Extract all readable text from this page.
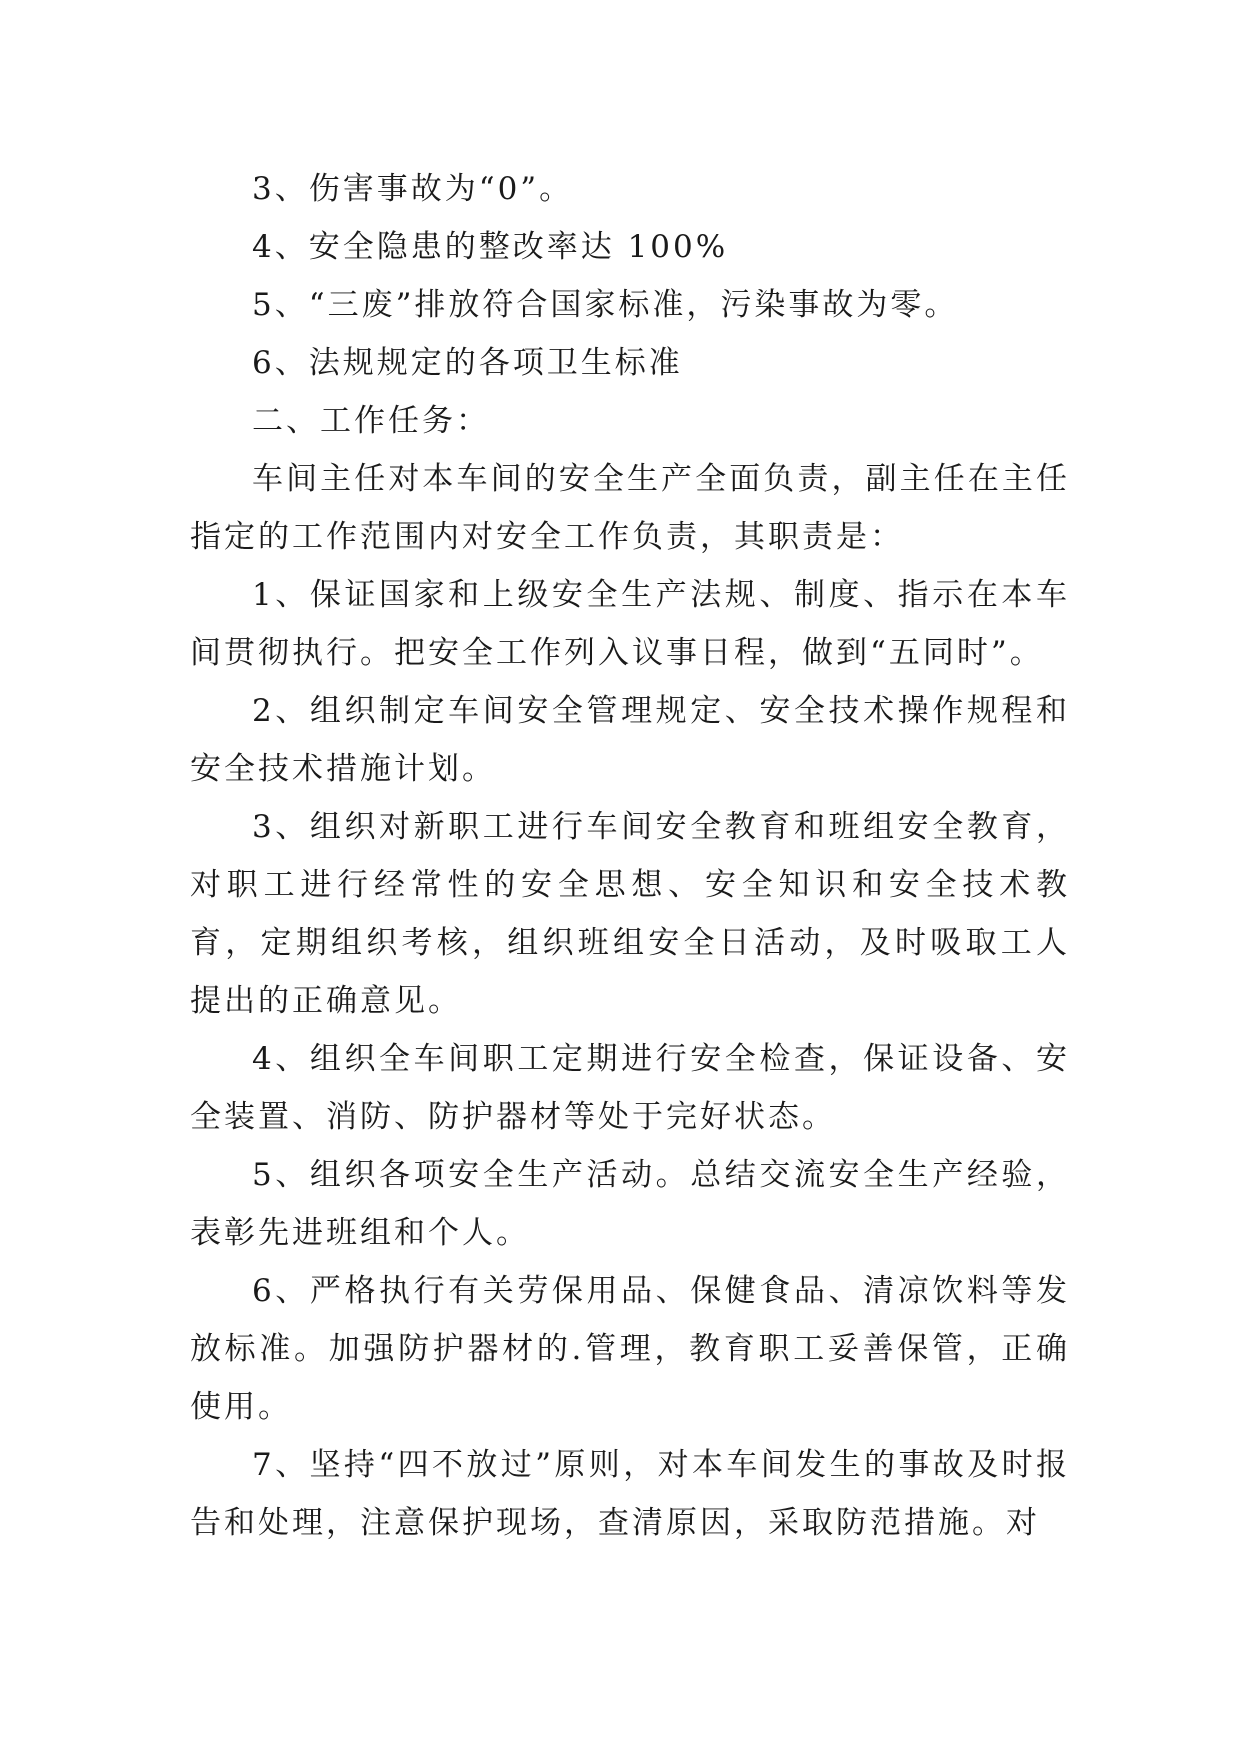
3、伤害事故为“0”。

4、安全隐患的整改率达 100%

5、“三废”排放符合国家标准，污染事故为零。

6、法规规定的各项卫生标准

二、工作任务：

车间主任对本车间的安全生产全面负责，副主任在主任指定的工作范围内对安全工作负责，其职责是：

1、保证国家和上级安全生产法规、制度、指示在本车间贯彻执行。把安全工作列入议事日程，做到“五同时”。

2、组织制定车间安全管理规定、安全技术操作规程和安全技术措施计划。

3、组织对新职工进行车间安全教育和班组安全教育，对职工进行经常性的安全思想、安全知识和安全技术教育，定期组织考核，组织班组安全日活动，及时吸取工人提出的正确意见。

4、组织全车间职工定期进行安全检查，保证设备、安全装置、消防、防护器材等处于完好状态。

5、组织各项安全生产活动。总结交流安全生产经验，表彰先进班组和个人。

6、严格执行有关劳保用品、保健食品、清凉饮料等发放标准。加强防护器材的.管理，教育职工妥善保管，正确使用。

7、坚持“四不放过”原则，对本车间发生的事故及时报告和处理，注意保护现场，查清原因，采取防范措施。对
